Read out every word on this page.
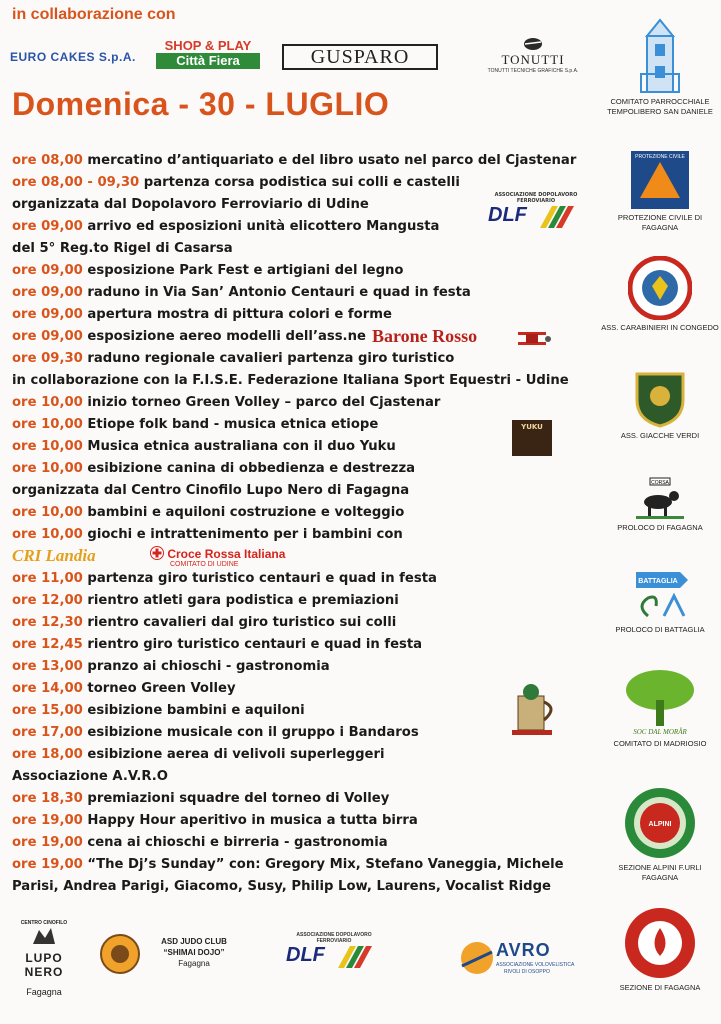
in collaborazione con
EURO CAKES S.p.A.
SHOP & PLAY
Città Fiera	GUSPARO	TONUTTI
TONUTTI TECNICHE GRAFICHE S.p.A.
Domenica - 30 - LUGLIO
ore 08,00 mercatino d’antiquariato e del libro usato nel parco del Cjastenar
ore 08,00 - 09,30 partenza corsa podistica sui colli e castelli
organizzata dal Dopolavoro Ferroviario di Udine
ore 09,00 arrivo ed esposizioni unità elicottero Mangusta
del 5° Reg.to Rigel di Casarsa
ore 09,00 esposizione Park Fest e artigiani del legno
ore 09,00 raduno in Via San’ Antonio Centauri e quad in festa
ore 09,00 apertura mostra di pittura colori e forme
ore 09,00 esposizione aereo modelli dell’ass.ne
ore 09,30 raduno regionale cavalieri partenza giro turistico
in collaborazione con la F.I.S.E. Federazione Italiana Sport Equestri - Udine
ore 10,00 inizio torneo Green Volley – parco del Cjastenar
ore 10,00 Etiope folk band - musica etnica etiope
ore 10,00 Musica etnica australiana con il duo Yuku
ore 10,00 esibizione canina di obbedienza e destrezza
organizzata dal Centro Cinofilo Lupo Nero di Fagagna
ore 10,00 bambini e aquiloni costruzione e volteggio
ore 10,00 giochi e intrattenimento per i bambini con
ore 11,00 partenza giro turistico centauri e quad in festa
ore 12,00 rientro atleti gara podistica e premiazioni
ore 12,30 rientro cavalieri dal giro turistico sui colli
ore 12,45 rientro giro turistico centauri e quad in festa
ore 13,00 pranzo ai chioschi - gastronomia
ore 14,00 torneo Green Volley
ore 15,00 esibizione bambini e aquiloni
ore 17,00 esibizione musicale con il gruppo i Bandaros
ore 18,00 esibizione aerea di velivoli superleggeri
Associazione A.V.R.O
ore 18,30 premiazioni squadre del torneo di Volley
ore 19,00 Happy Hour aperitivo in musica a tutta birra
ore 19,00 cena ai chioschi e birreria - gastronomia
ore 19,00 “The Dj’s Sunday” con: Gregory Mix, Stefano Vaneggia, Michele
Parisi, Andrea Parigi, Giacomo, Susy, Philip Low, Laurens, Vocalist Ridge
ASSOCIAZIONE DOPOLAVORO FERROVIARIO
DLF
Barone Rosso
YUKU
CRI Landia	Croce Rossa Italiana
COMITATO DI UDINE
COMITATO PARROCCHIALE TEMPOLIBERO SAN DANIELE
PROTEZIONE CIVILE
PROTEZIONE CIVILE DI FAGAGNA
ASS. CARABINIERI IN CONGEDO
ASS. GIACCHE VERDI
CORSA
PROLOCO DI FAGAGNA
BATTAGLIA
PROLOCO DI BATTAGLIA
SOC DAL MORÂR
COMITATO DI MADRIOSIO
ALPINI
SEZIONE ALPINI F.URLI FAGAGNA
SEZIONE DI FAGAGNA
CENTRO CINOFILO
LUPO NERO
Fagagna
ASD JUDO CLUB
“SHIMAI DOJO”
Fagagna
ASSOCIAZIONE DOPOLAVORO FERROVIARIO
DLF	AVRO
ASSOCIAZIONE VOLOVELISTICA
RIVOLI DI OSOPPO
